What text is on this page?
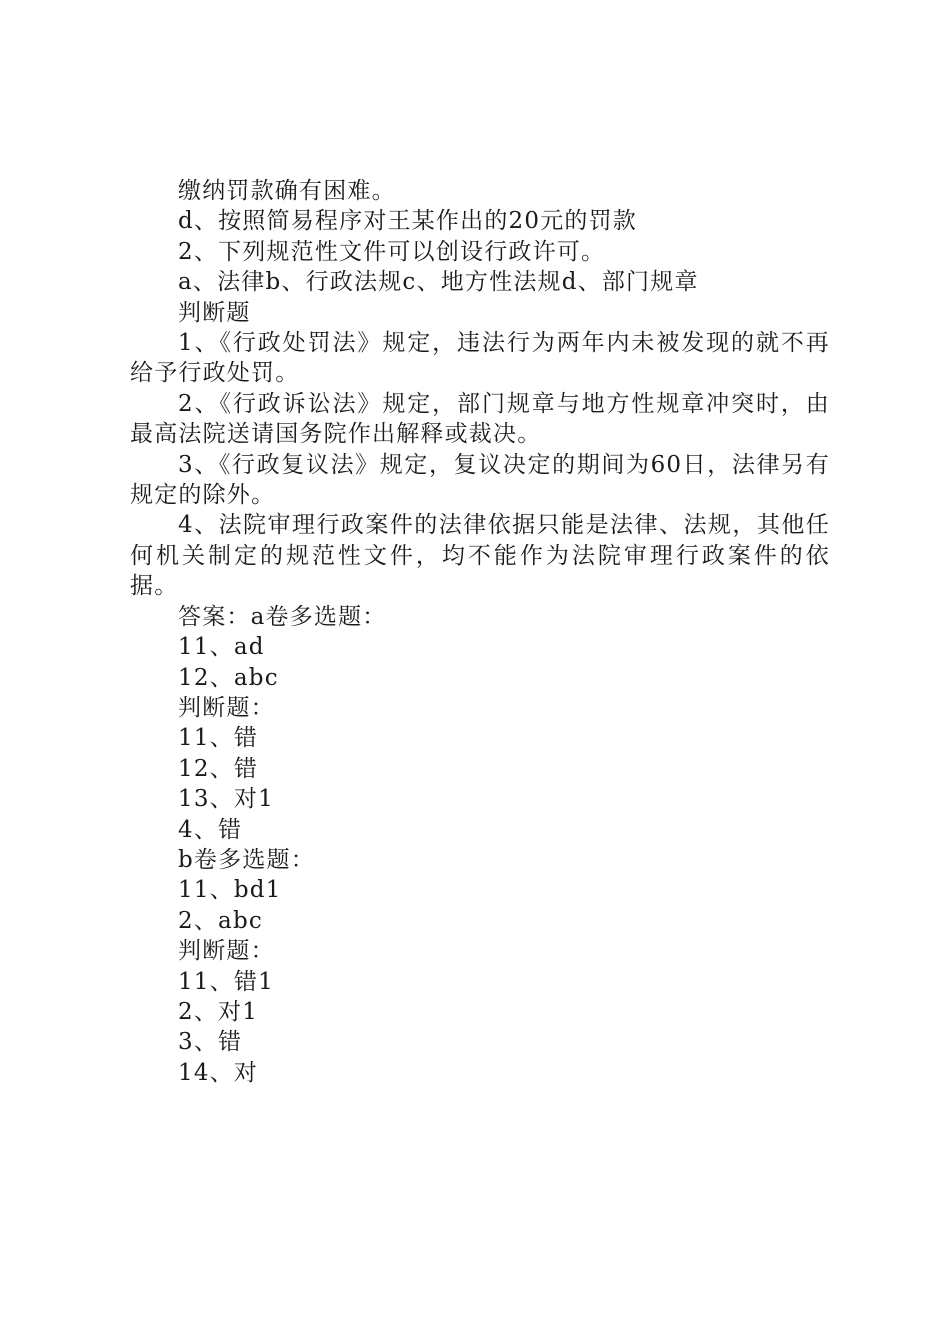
缴纳罚款确有困难。

d、按照简易程序对王某作出的20元的罚款

2、下列规范性文件可以创设行政许可。

a、法律b、行政法规c、地方性法规d、部门规章

判断题

1、《行政处罚法》规定，违法行为两年内未被发现的就不再给予行政处罚。

2、《行政诉讼法》规定，部门规章与地方性规章冲突时，由最高法院送请国务院作出解释或裁决。

3、《行政复议法》规定，复议决定的期间为60日，法律另有规定的除外。

4、法院审理行政案件的法律依据只能是法律、法规，其他任何机关制定的规范性文件，均不能作为法院审理行政案件的依据。

答案：a卷多选题：

11、ad

12、abc

判断题：

11、错

12、错

13、对1

4、错

b卷多选题：

11、bd1

2、abc

判断题：

11、错1

2、对1

3、错

14、对
